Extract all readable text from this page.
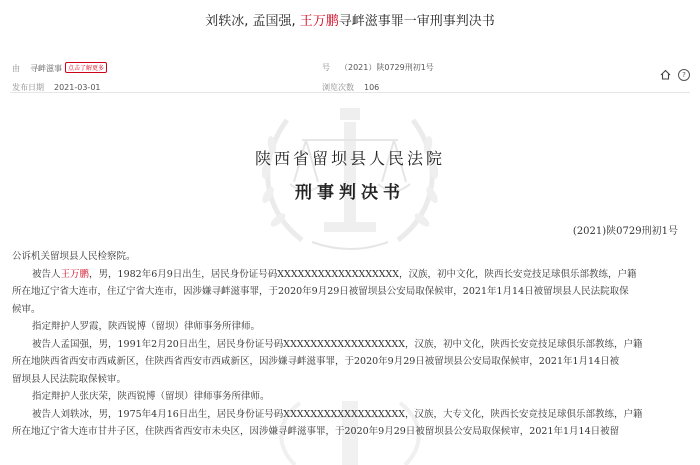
刘轶冰, 孟国强, 王万鹏寻衅滋事罪一审刑事判决书
由 寻衅滋事 点击了解更多	号 （2021）陕0729刑初1号
发布日期 2021-03-01	浏览次数 106
?
陕西省留坝县人民法院
刑事判决书
(2021)陕0729刑初1号
公诉机关留坝县人民检察院。
被告人王万鹏，男，1982年6月9日出生，居民身份证号码XXXXXXXXXXXXXXXXXX，汉族，初中文化，陕西长安竞技足球俱乐部教练，户籍
所在地辽宁省大连市，住辽宁省大连市，因涉嫌寻衅滋事罪，于2020年9月29日被留坝县公安局取保候审，2021年1月14日被留坝县人民法院取保
候审。
指定辩护人罗霞，陕西锐博（留坝）律师事务所律师。
被告人孟国强，男，1991年2月20日出生，居民身份证号码XXXXXXXXXXXXXXXXXX，汉族，初中文化，陕西长安竞技足球俱乐部教练，户籍
所在地陕西省西安市西咸新区，住陕西省西安市西咸新区，因涉嫌寻衅滋事罪，于2020年9月29日被留坝县公安局取保候审，2021年1月14日被
留坝县人民法院取保候审。
指定辩护人张庆荣，陕西锐博（留坝）律师事务所律师。
被告人刘轶冰，男，1975年4月16日出生，居民身份证号码XXXXXXXXXXXXXXXXXX，汉族，大专文化，陕西长安竞技足球俱乐部教练，户籍
所在地辽宁省大连市甘井子区，住陕西省西安市未央区，因涉嫌寻衅滋事罪，于2020年9月29日被留坝县公安局取保候审，2021年1月14日被留
